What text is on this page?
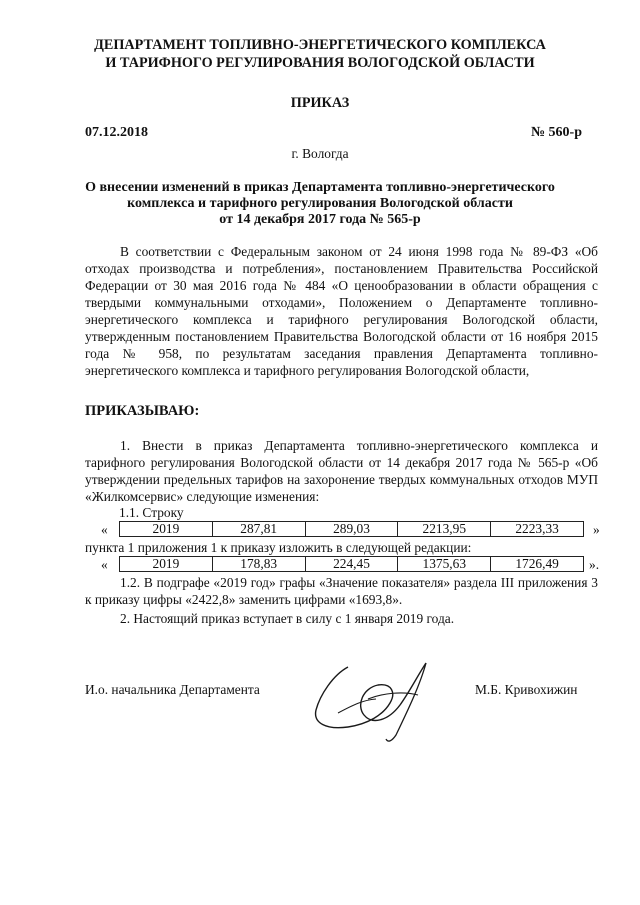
ДЕПАРТАМЕНТ ТОПЛИВНО-ЭНЕРГЕТИЧЕСКОГО КОМПЛЕКСА
И ТАРИФНОГО РЕГУЛИРОВАНИЯ ВОЛОГОДСКОЙ ОБЛАСТИ
ПРИКАЗ
07.12.2018	№ 560-р
г. Вологда
О внесении изменений в приказ Департамента топливно-энергетического
комплекса и тарифного регулирования Вологодской области
от 14 декабря 2017 года № 565-р
В соответствии с Федеральным законом от 24 июня 1998 года № 89-ФЗ «Об отходах производства и потребления», постановлением Правительства Российской Федерации от 30 мая 2016 года № 484 «О ценообразовании в области обращения с твердыми коммунальными отходами», Положением о Департаменте топливно-энергетического комплекса и тарифного регулирования Вологодской области, утвержденным постановлением Правительства Вологодской области от 16 ноября 2015 года № 958, по результатам заседания правления Департамента топливно-энергетического комплекса и тарифного регулирования Вологодской области,
ПРИКАЗЫВАЮ:
1. Внести в приказ Департамента топливно-энергетического комплекса и тарифного регулирования Вологодской области от 14 декабря 2017 года № 565-р «Об утверждении предельных тарифов на захоронение твердых коммунальных отходов МУП «Жилкомсервис» следующие изменения:
1.1. Строку
«	2019	287,81	289,03	2213,95	2223,33	»
пункта 1 приложения 1 к приказу изложить в следующей редакции:
«	2019	178,83	224,45	1375,63	1726,49	».
1.2. В подграфе «2019 год» графы «Значение показателя» раздела III приложения 3 к приказу цифры «2422,8» заменить цифрами «1693,8».
2. Настоящий приказ вступает в силу с 1 января 2019 года.
И.о. начальника Департамента	М.Б. Кривохижин
